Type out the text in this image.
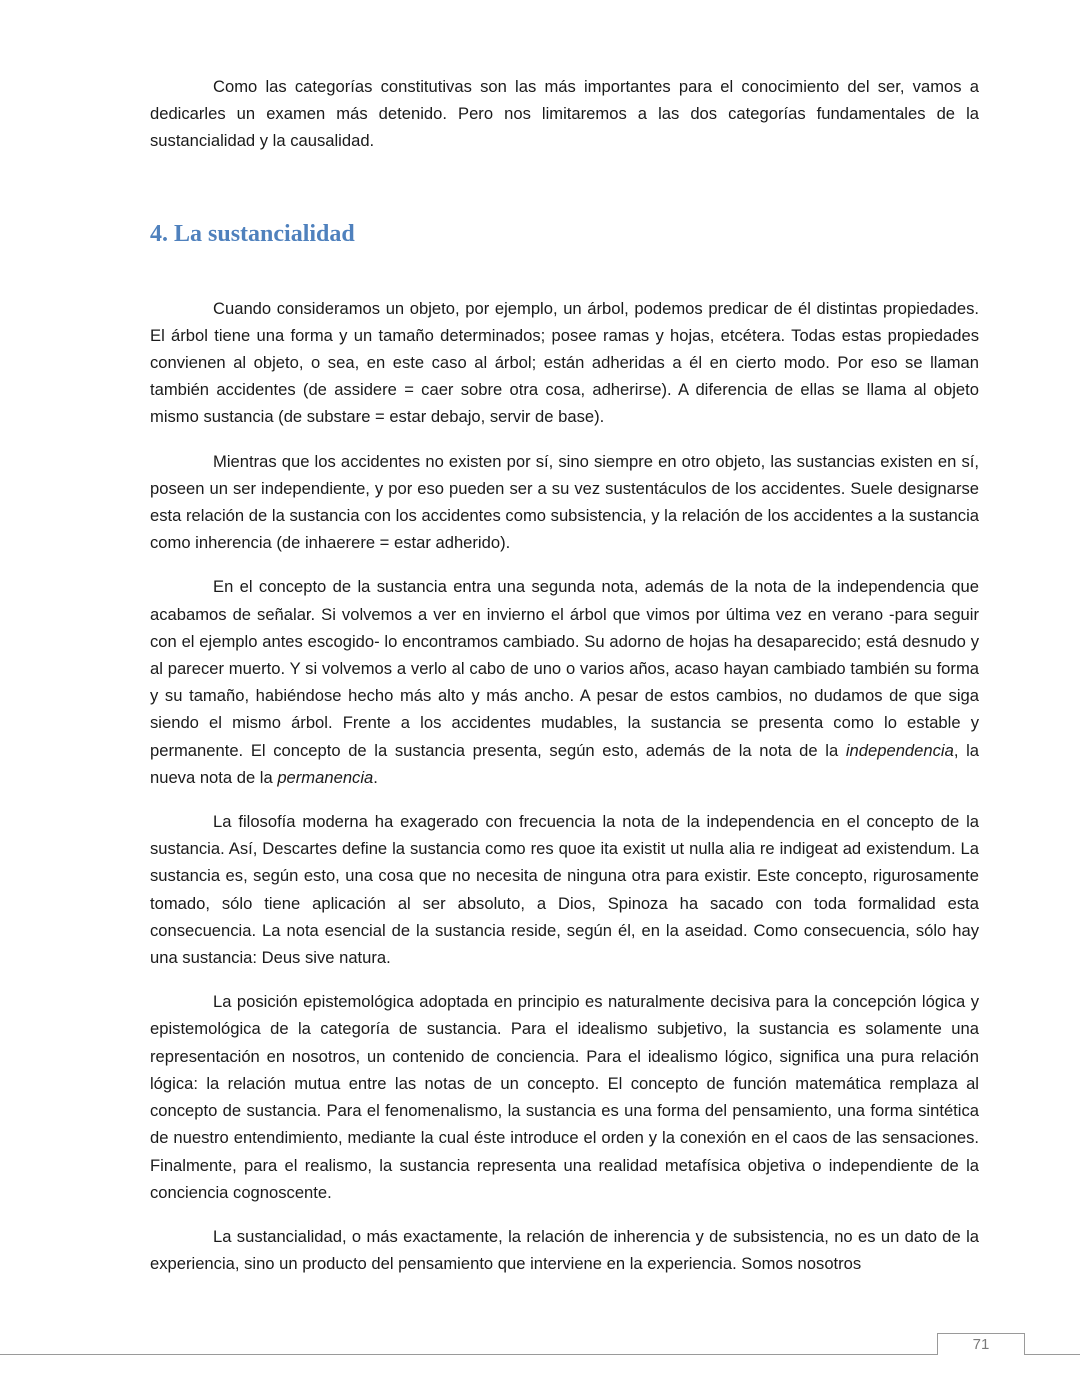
Como las categorías constitutivas son las más importantes para el conocimiento del ser, vamos a dedicarles un examen más detenido. Pero nos limitaremos a las dos categorías fundamentales de la sustancialidad y la causalidad.

4. La sustancialidad

Cuando consideramos un objeto, por ejemplo, un árbol, podemos predicar de él distintas propiedades. El árbol tiene una forma y un tamaño determinados; posee ramas y hojas, etcétera. Todas estas propiedades convienen al objeto, o sea, en este caso al árbol; están adheridas a él en cierto modo. Por eso se llaman también accidentes (de assidere = caer sobre otra cosa, adherirse). A diferencia de ellas se llama al objeto mismo sustancia (de substare = estar debajo, servir de base).

Mientras que los accidentes no existen por sí, sino siempre en otro objeto, las sustancias existen en sí, poseen un ser independiente, y por eso pueden ser a su vez sustentáculos de los accidentes. Suele designarse esta relación de la sustancia con los accidentes como subsistencia, y la relación de los accidentes a la sustancia como inherencia (de inhaerere = estar adherido).

En el concepto de la sustancia entra una segunda nota, además de la nota de la independencia que acabamos de señalar. Si volvemos a ver en invierno el árbol que vimos por última vez en verano -para seguir con el ejemplo antes escogido- lo encontramos cambiado. Su adorno de hojas ha desaparecido; está desnudo y al parecer muerto. Y si volvemos a verlo al cabo de uno o varios años, acaso hayan cambiado también su forma y su tamaño, habiéndose hecho más alto y más ancho. A pesar de estos cambios, no dudamos de que siga siendo el mismo árbol. Frente a los accidentes mudables, la sustancia se presenta como lo estable y permanente. El concepto de la sustancia presenta, según esto, además de la nota de la independencia, la nueva nota de la permanencia.

La filosofía moderna ha exagerado con frecuencia la nota de la independencia en el concepto de la sustancia. Así, Descartes define la sustancia como res quoe ita existit ut nulla alia re indigeat ad existendum. La sustancia es, según esto, una cosa que no necesita de ninguna otra para existir. Este concepto, rigurosamente tomado, sólo tiene aplicación al ser absoluto, a Dios, Spinoza ha sacado con toda formalidad esta consecuencia. La nota esencial de la sustancia reside, según él, en la aseidad. Como consecuencia, sólo hay una sustancia: Deus sive natura.

La posición epistemológica adoptada en principio es naturalmente decisiva para la concepción lógica y epistemológica de la categoría de sustancia. Para el idealismo subjetivo, la sustancia es solamente una representación en nosotros, un contenido de conciencia. Para el idealismo lógico, significa una pura relación lógica: la relación mutua entre las notas de un concepto. El concepto de función matemática remplaza al concepto de sustancia. Para el fenomenalismo, la sustancia es una forma del pensamiento, una forma sintética de nuestro entendimiento, mediante la cual éste introduce el orden y la conexión en el caos de las sensaciones. Finalmente, para el realismo, la sustancia representa una realidad metafísica objetiva o independiente de la conciencia cognoscente.

La sustancialidad, o más exactamente, la relación de inherencia y de subsistencia, no es un dato de la experiencia, sino un producto del pensamiento que interviene en la experiencia. Somos nosotros

71
